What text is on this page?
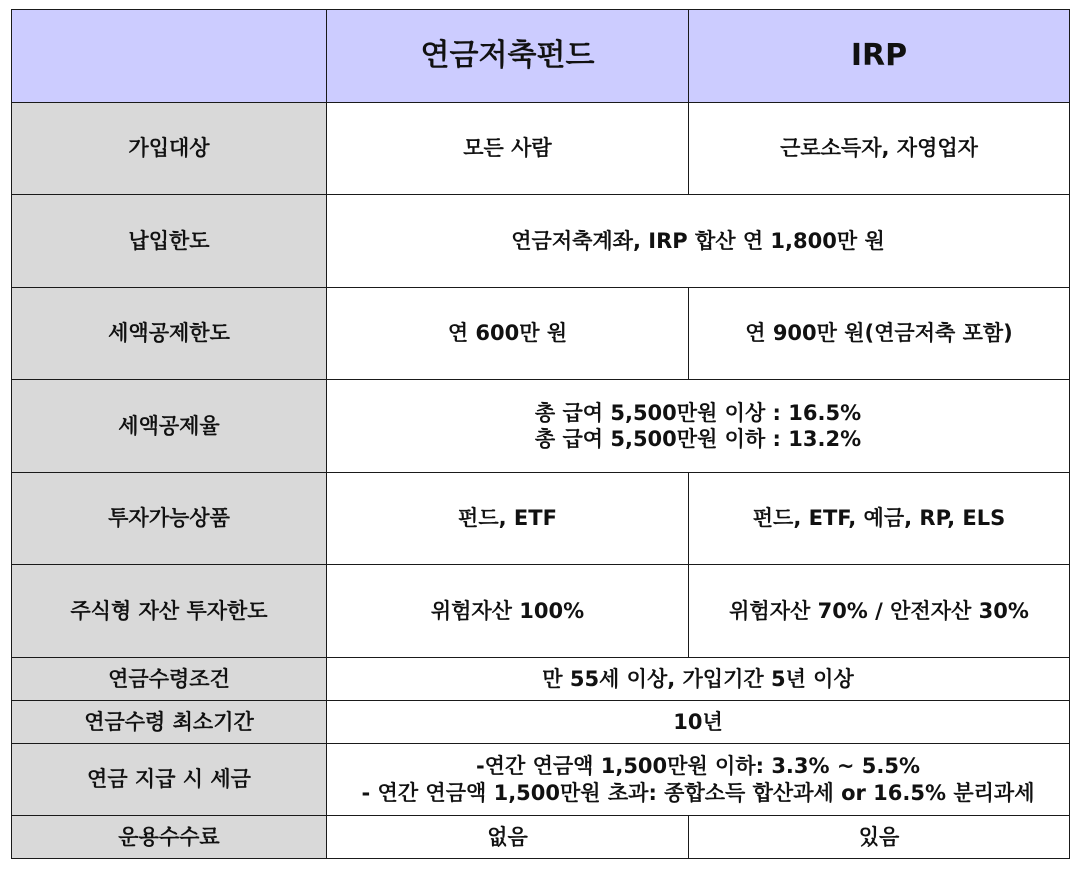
	연금저축펀드	IRP
가입대상	모든 사람	근로소득자, 자영업자
납입한도	연금저축계좌, IRP 합산 연 1,800만 원	
세액공제한도	연 600만 원	연 900만 원(연금저축 포함)
세액공제율	총 급여 5,500만원 이상 : 16.5%
총 급여 5,500만원 이하 : 13.2%	

투자가능상품	펀드, ETF	펀드, ETF, 예금, RP, ELS
주식형 자산 투자한도	위험자산 100%	위험자산 70% / 안전자산 30%
연금수령조건	만 55세 이상, 가입기간 5년 이상	
연금수령 최소기간	10년	
연금 지급 시 세금	-연간 연금액 1,500만원 이하: 3.3% ~ 5.5%
- 연간 연금액 1,500만원 초과: 종합소득 합산과세 or 16.5% 분리과세	

운용수수료	없음	있음
